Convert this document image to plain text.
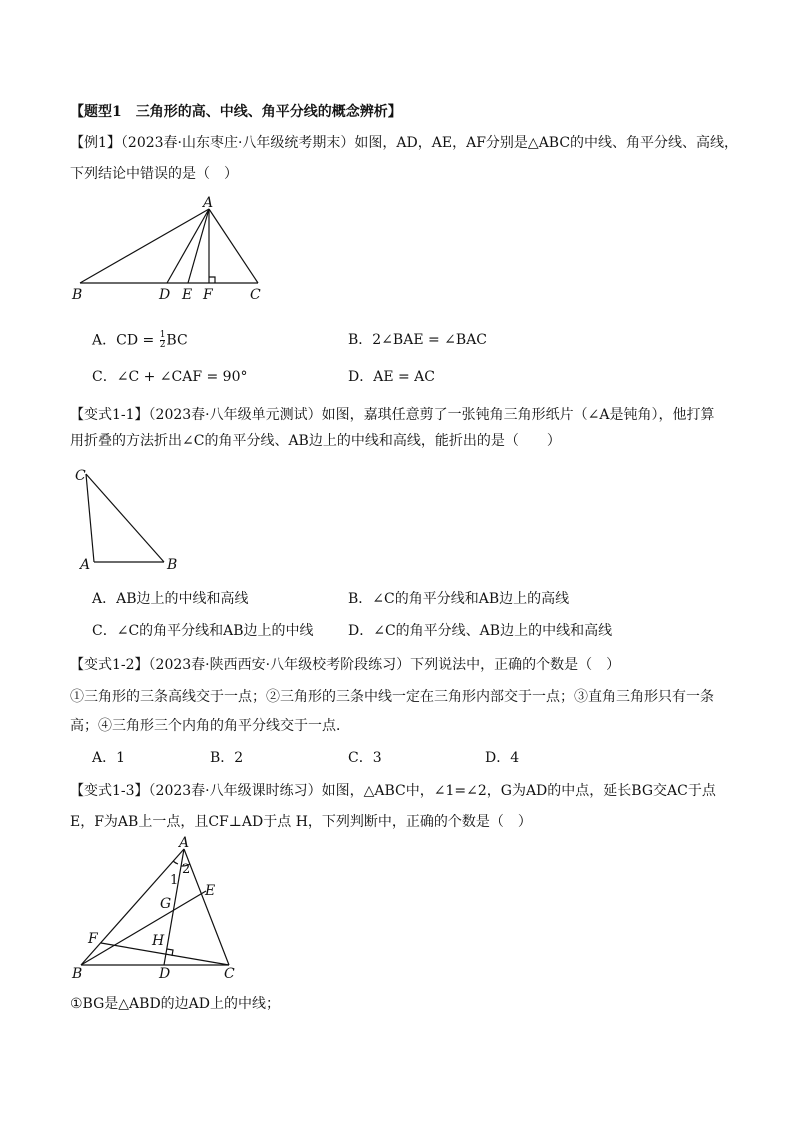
【题型1　三角形的高、中线、角平分线的概念辨析】
【例1】（2023春·山东枣庄·八年级统考期末）如图，AD，AE，AF分别是△ABC的中线、角平分线、高线，
下列结论中错误的是（　）
A
B	D E F	C
A．CD = $\frac{1}{2}$ BC	B．2∠BAE = ∠BAC
C．∠C + ∠CAF = 90°	D．AE = AC
【变式1-1】（2023春·八年级单元测试）如图，嘉琪任意剪了一张钝角三角形纸片（∠A是钝角），他打算
用折叠的方法折出∠C的角平分线、AB边上的中线和高线，能折出的是（　　）
C
A	B
A．AB边上的中线和高线	B．∠C的角平分线和AB边上的高线
C．∠C的角平分线和AB边上的中线 D．∠C的角平分线、AB边上的中线和高线
【变式1-2】（2023春·陕西西安·八年级校考阶段练习）下列说法中，正确的个数是（　）
①三角形的三条高线交于一点；②三角形的三条中线一定在三角形内部交于一点；③直角三角形只有一条
高；④三角形三个内角的角平分线交于一点．
A．1	B．2	C．3	D．4
【变式1-3】（2023春·八年级课时练习）如图，△ABC中，∠1=∠2，G为AD的中点，延长BG交AC于点
E，F为AB上一点，且CF⊥AD于点 H，下列判断中，正确的个数是（　）
A
1
2
E
G
F	H
B	D	C
①BG是△ABD的边AD上的中线；
